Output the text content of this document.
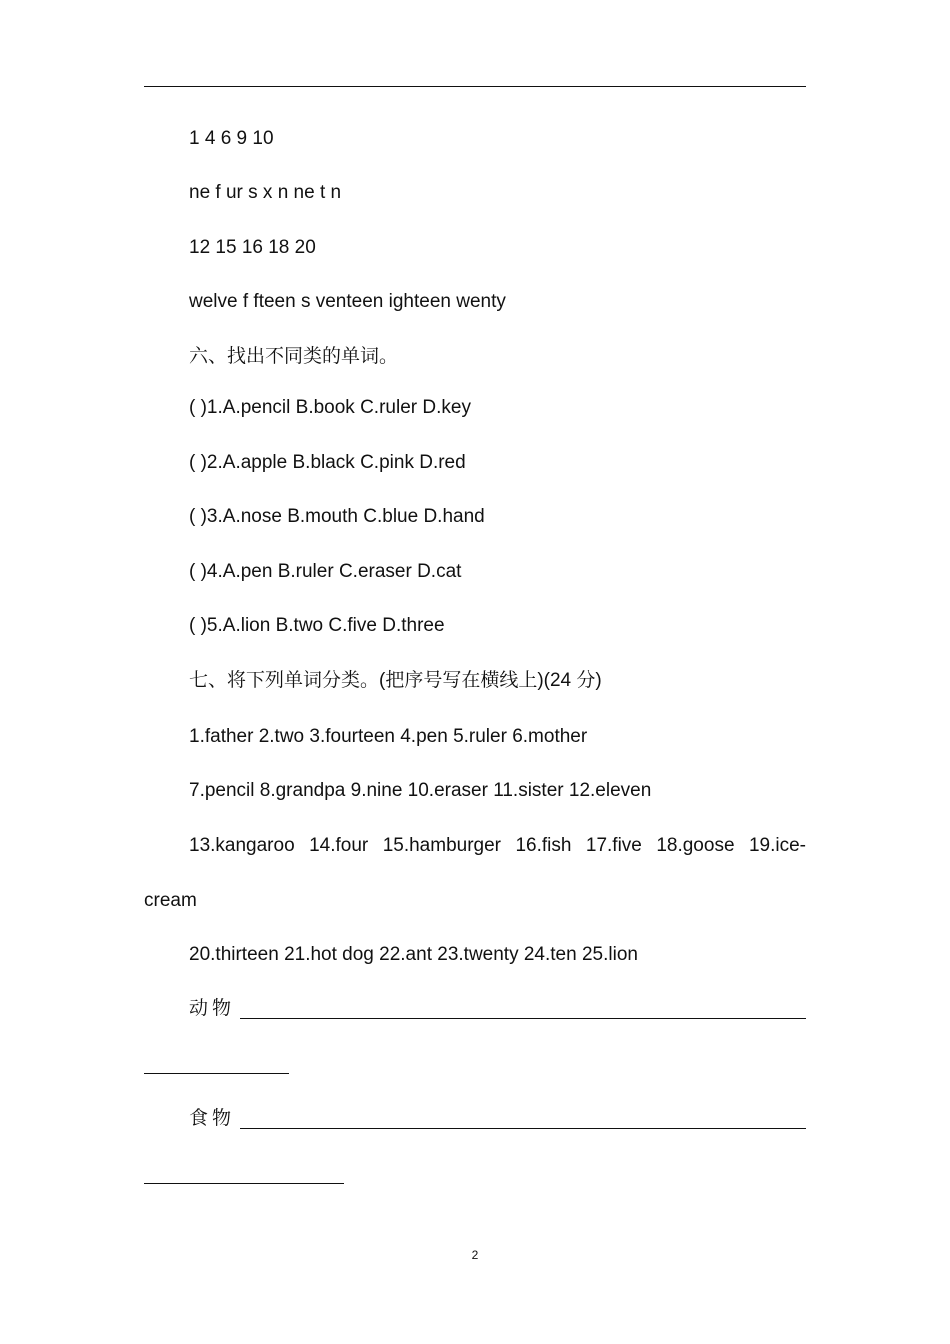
1 4 6 9 10
ne f ur s x n ne t n
12 15 16 18 20
welve f fteen s venteen ighteen wenty
六、找出不同类的单词。
( )1.A.pencil B.book C.ruler D.key
( )2.A.apple B.black C.pink D.red
( )3.A.nose B.mouth C.blue D.hand
( )4.A.pen B.ruler C.eraser D.cat
( )5.A.lion B.two C.five D.three
七、将下列单词分类。(把序号写在横线上)(24 分)
1.father 2.two 3.fourteen 4.pen 5.ruler 6.mother
7.pencil 8.grandpa 9.nine 10.eraser 11.sister 12.eleven
13.kangaroo 14.four 15.hamburger 16.fish 17.five 18.goose 19.ice-
cream
20.thirteen 21.hot dog 22.ant 23.twenty 24.ten 25.lion
动物
食物
2
